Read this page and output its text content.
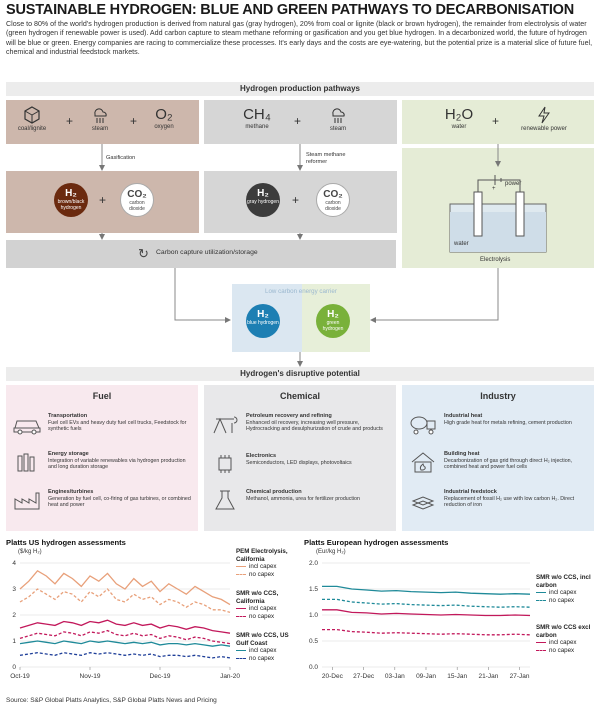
SUSTAINABLE HYDROGEN: BLUE AND GREEN PATHWAYS TO DECARBONISATION
Close to 80% of the world's hydrogen production is derived from natural gas (gray hydrogen), 20% from coal or lignite (black or brown hydrogen), the remainder from electrolysis of water (green hydrogen if renewable power is used). Add carbon capture to steam methane reforming or gasification and you get blue hydrogen. In a decarbonized world, the future of hydrogen will be blue or green. Energy companies are racing to commercialize these processes. It's early days and the costs are eye-watering, but the potential prize is a material slice of future fuel, chemical and industrial feedstock markets.
Hydrogen production pathways
coal/lignite
+
steam
+	O₂
oxygen
CH₄
methane	+
steam
H₂O
water	+
renewable power
Gasification	Steam methane reformer
H₂
brown/black hydrogen
+	CO₂
carbon dioxide
H₂
gray hydrogen +	CO₂
carbon dioxide
+
power
water
Electrolysis
↻ Carbon capture utilization/storage
Low carbon energy carrier
H₂
blue hydrogen
H₂
green hydrogen
Hydrogen's disruptive potential
Fuel
Transportation
Fuel cell EVs and heavy duty fuel cell trucks, Feedstock for synthetic fuels
Energy storage
Integration of variable renewables via hydrogen production and long duration storage
Engines/turbines
Generation by fuel cell, co-firing of gas turbines, or combined heat and power
Chemical
Petroleum recovery and refining
Enhanced oil recovery, increasing well pressure, Hydrocracking and desulphurization of crude and products
Electronics
Semiconductors, LED displays, photovoltaics
Chemical production
Methanol, ammonia, urea for fertilizer production
Industry
Industrial heat
High grade heat for metals refining, cement production
Building heat
Decarbonization of gas grid through direct H₂ injection, combined heat and power fuel cells
Industrial feedstock
Replacement of fossil H₂ use with low carbon H₂. Direct reduction of iron
Platts US hydrogen assessments
($/kg H₂)
0
1
2
3
4
Oct-19	Nov-19	Dec-19	Jan-20
PEM Electrolysis, California
incl capex
no capex
SMR w/o CCS, California
incl capex
no capex
SMR w/o CCS, US Gulf Coast
incl capex
no capex
Platts European hydrogen assessments
(Eur/kg H₂)
0.0
0.5
1.0
1.5
2.0
20-Dec 27-Dec 03-Jan 09-Jan 15-Jan 21-Jan 27-Jan
SMR w/o CCS, incl carbon
incl capex
no capex
SMR w/o CCS excl carbon
incl capex
no capex
Source: S&P Global Platts Analytics, S&P Global Platts News and Pricing
